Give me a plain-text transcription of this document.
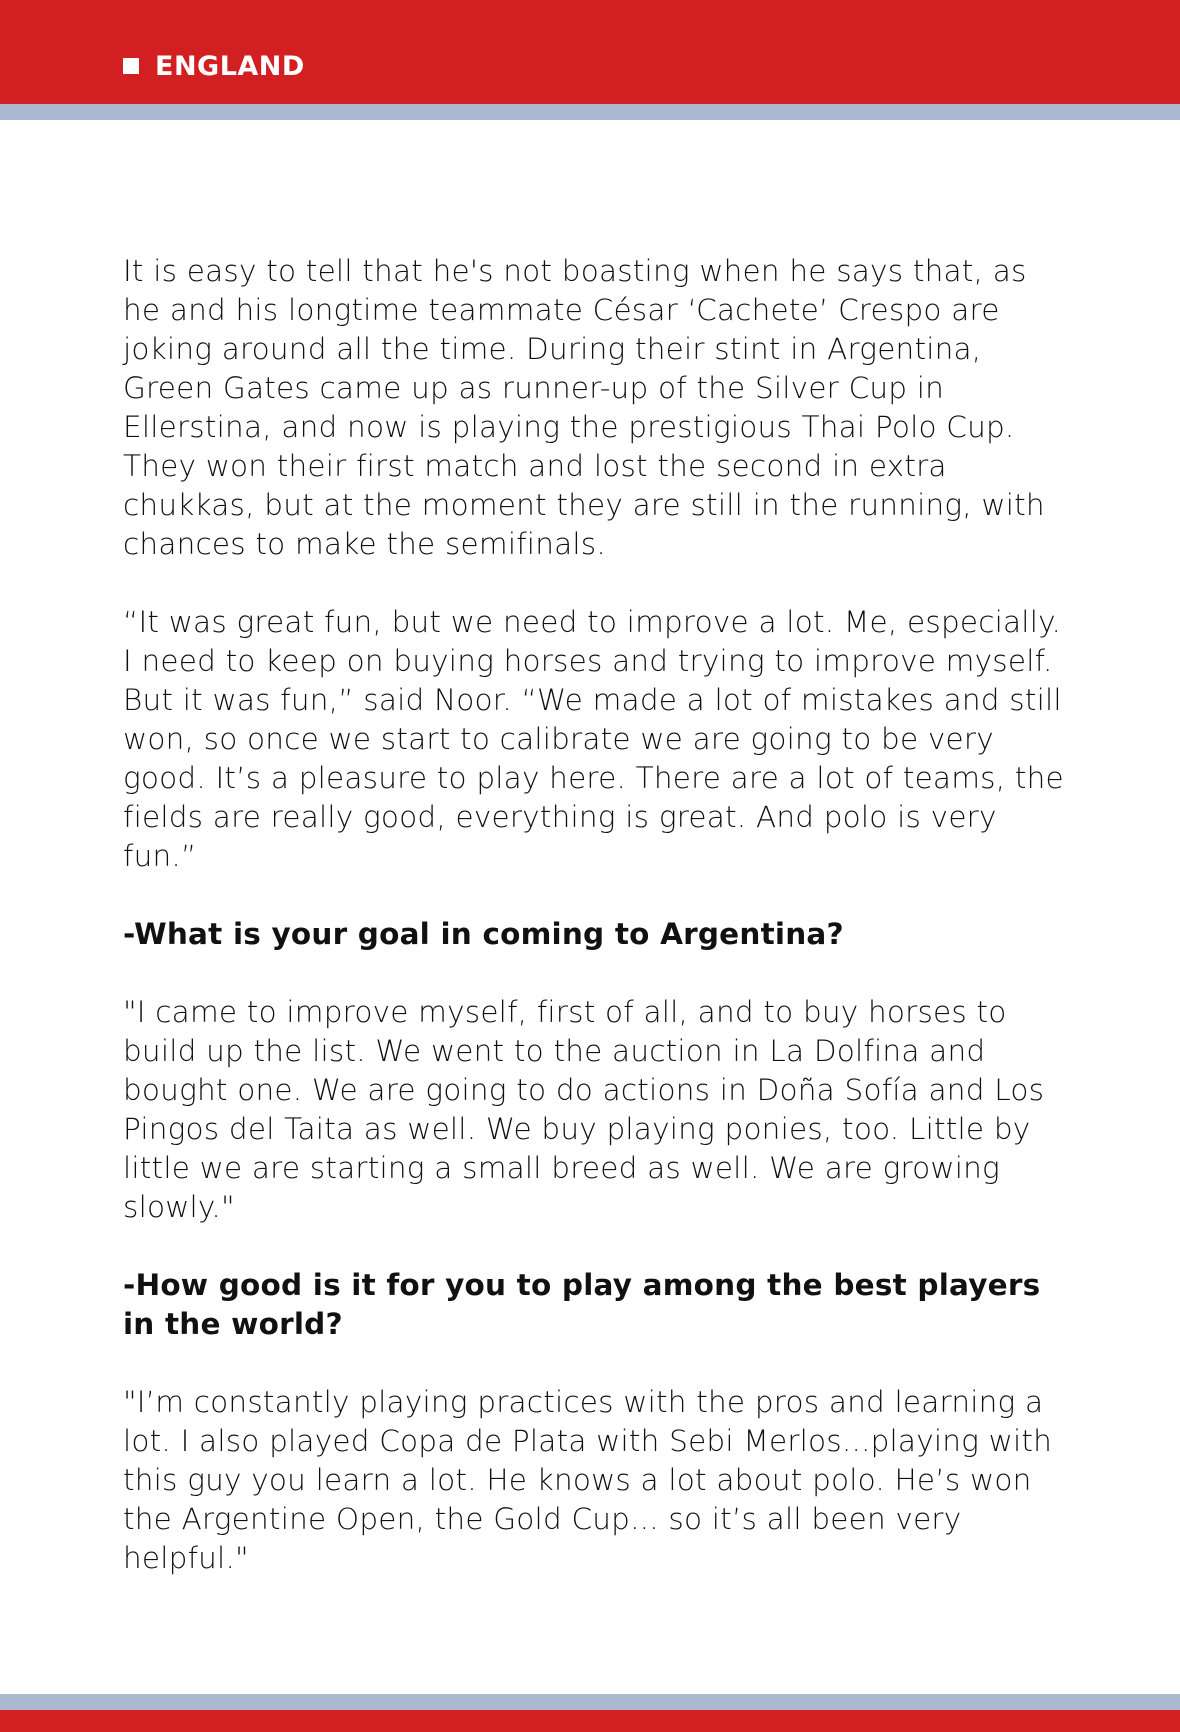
ENGLAND

It is easy to tell that he's not boasting when he says that, as he and his longtime teammate César ‘Cachete’ Crespo are joking around all the time. During their stint in Argentina, Green Gates came up as runner-up of the Silver Cup in Ellerstina, and now is playing the prestigious Thai Polo Cup. They won their first match and lost the second in extra chukkas, but at the moment they are still in the running, with chances to make the semifinals.

“It was great fun, but we need to improve a lot. Me, especially. I need to keep on buying horses and trying to improve myself. But it was fun,” said Noor. “We made a lot of mistakes and still won, so once we start to calibrate we are going to be very good. It’s a pleasure to play here. There are a lot of teams, the fields are really good, everything is great. And polo is very fun.”

-What is your goal in coming to Argentina?

"I came to improve myself, first of all, and to buy horses to build up the list. We went to the auction in La Dolfina and bought one. We are going to do actions in Doña Sofía and Los Pingos del Taita as well. We buy playing ponies, too. Little by little we are starting a small breed as well. We are growing slowly."

-How good is it for you to play among the best players in the world?

"I’m constantly playing practices with the pros and learning a lot. I also played Copa de Plata with Sebi Merlos...playing with this guy you learn a lot. He knows a lot about polo. He’s won the Argentine Open, the Gold Cup... so it’s all been very helpful."
